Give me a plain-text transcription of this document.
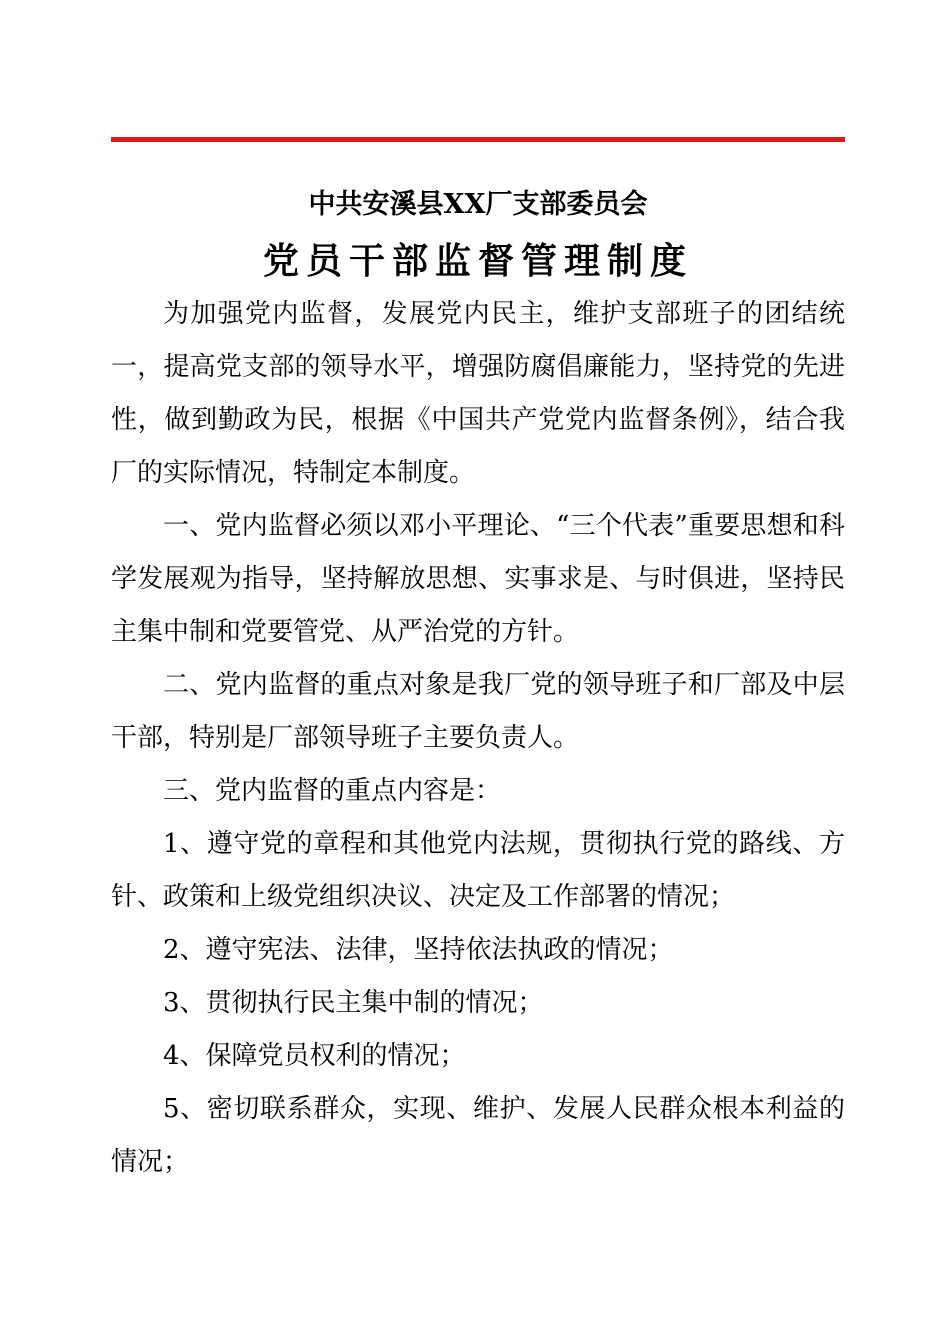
中共安溪县XX厂支部委员会
党员干部监督管理制度

为加强党内监督，发展党内民主，维护支部班子的团结统一，提高党支部的领导水平，增强防腐倡廉能力，坚持党的先进性，做到勤政为民，根据《中国共产党党内监督条例》，结合我厂的实际情况，特制定本制度。

一、党内监督必须以邓小平理论、“三个代表”重要思想和科学发展观为指导，坚持解放思想、实事求是、与时俱进，坚持民主集中制和党要管党、从严治党的方针。

二、党内监督的重点对象是我厂党的领导班子和厂部及中层干部，特别是厂部领导班子主要负责人。

三、党内监督的重点内容是：

1、遵守党的章程和其他党内法规，贯彻执行党的路线、方针、政策和上级党组织决议、决定及工作部署的情况；

2、遵守宪法、法律，坚持依法执政的情况；

3、贯彻执行民主集中制的情况；

4、保障党员权利的情况；

5、密切联系群众，实现、维护、发展人民群众根本利益的情况；
